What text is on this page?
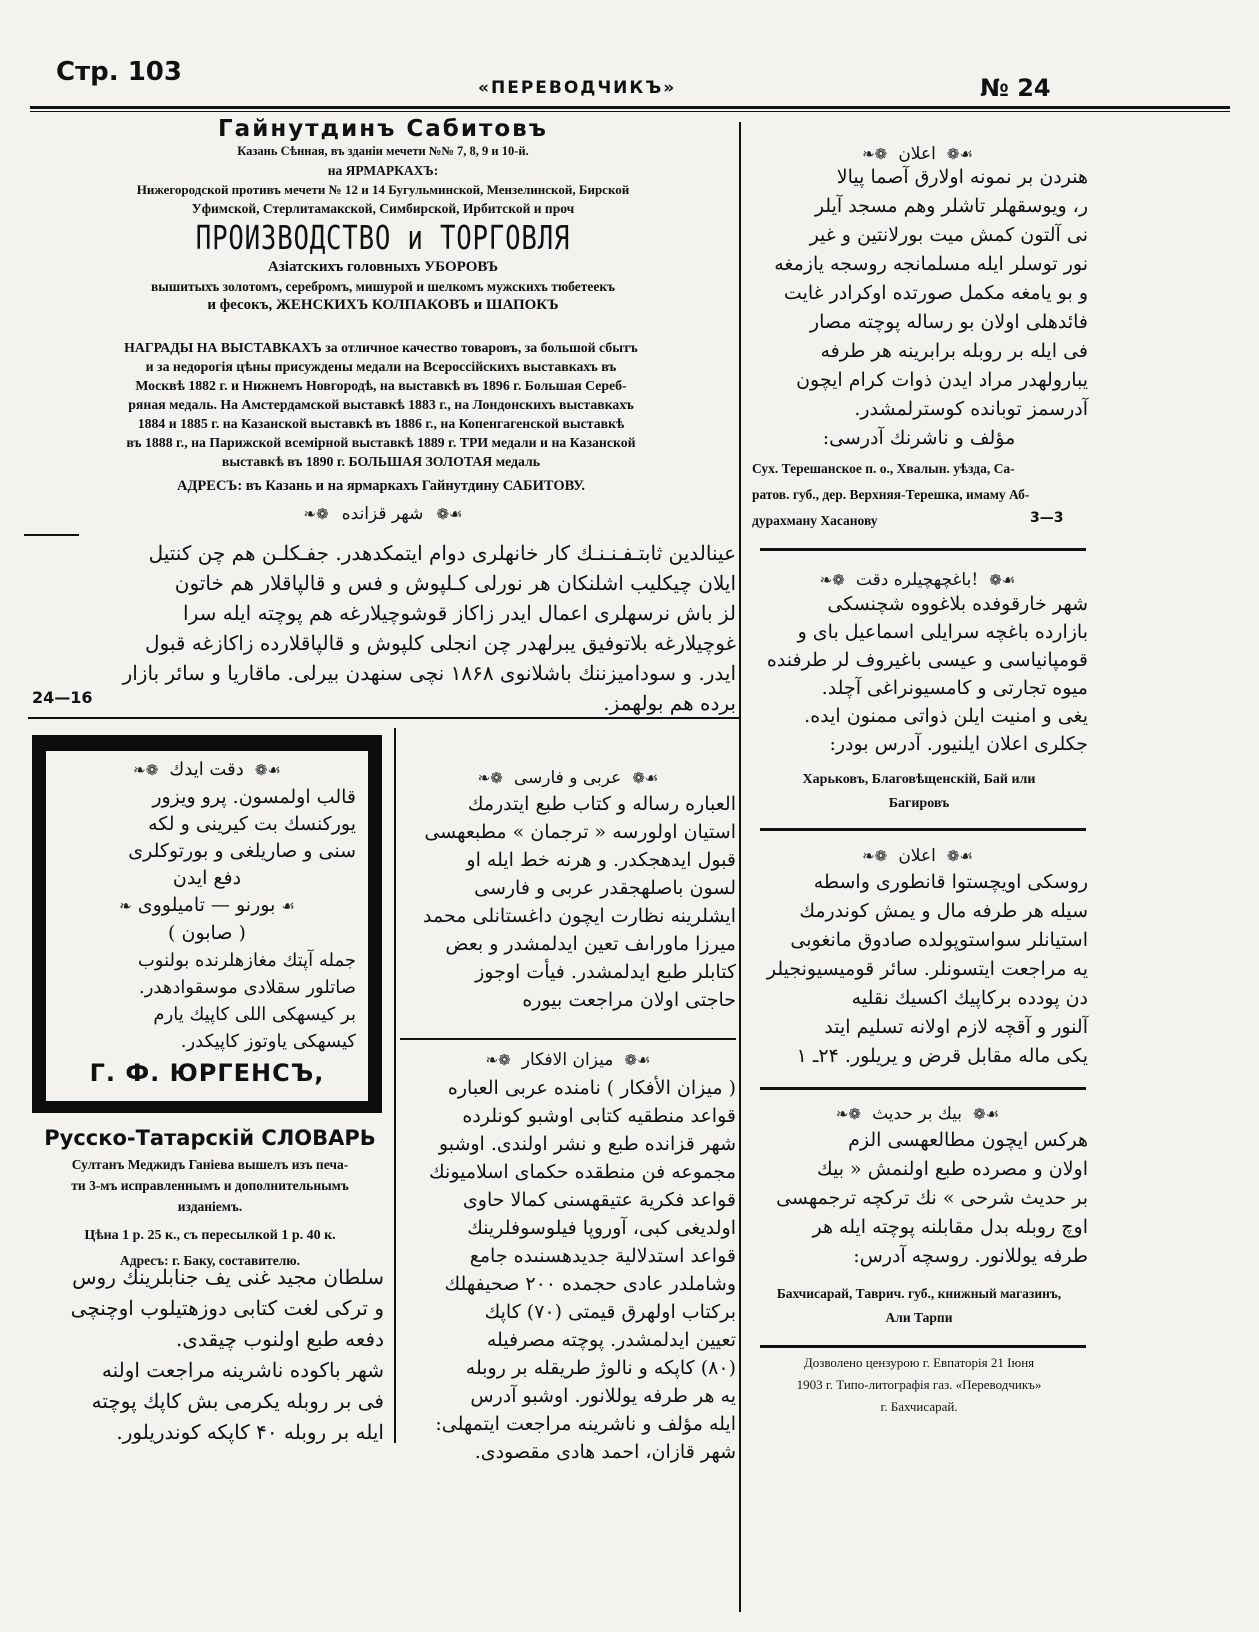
Стр. 103
«ПЕРЕВОДЧИКЪ»	№ 24
Гайнутдинъ Сабитовъ
Казань Сѣнная, въ зданіи мечети №№ 7, 8, 9 и 10-й.
на ЯРМАРКАХЪ:
Нижегородской противъ мечети № 12 и 14 Бугульминской, Мензелинской, Бирской
Уфимской, Стерлитамакской, Симбирской, Ирбитской и проч
ПРОИЗВОДСТВО и ТОРГОВЛЯ
Азіатскихъ головныхъ УБОРОВЪ
вышитыхъ золотомъ, серебромъ, мишурой и шелкомъ мужскихъ тюбетеекъ
и фесокъ, ЖЕНСКИХЪ КОЛПАКОВЪ и ШАПОКЪ
НАГРАДЫ НА ВЫСТАВКАХЪ за отличное качество товаровъ, за большой сбытъ
и за недорогія цѣны присуждены медали на Всероссійскихъ выставкахъ въ
Москвѣ 1882 г. и Нижнемъ Новгородѣ, на выставкѣ въ 1896 г. Большая Сереб-
ряная медаль. На Амстердамской выставкѣ 1883 г., на Лондонскихъ выставкахъ
1884 и 1885 г. на Казанской выставкѣ въ 1886 г., на Копенгагенской выставкѣ
въ 1888 г., на Парижской всемірной выставкѣ 1889 г. ТРИ медали и на Казанской
выставкѣ въ 1890 г. БОЛЬШАЯ ЗОЛОТАЯ медаль
АДРЕСЪ: въ Казань и на ярмаркахъ Гайнутдину САБИТОВУ.
❧❁ شهر قزانده ❁☙
عينالدين ثابتـفـنـنـك كار خانهلرى دوام ايتمكدهدر. جفـكلـن هم چن كنتيل
ايلان چيكليب اشلنكان هر نورلى كـلپوش و فس و قالپاقلار هم خاتون
لز باش نرسهلرى اعمال ايدر زاكاز قوشوچيلارغه هم پوچته ايله سرا
غوچيلارغه بلاتوفيق يبرلهدر چن انجلى كلپوش و قالپاقلارده زاكازغه قبول
ايدر. و سوداميزننك باشلانوى ۱۸۶۸ نچى سنهدن بيرلى. ماقاريا و سائر بازار
برده هم بولهمز.
24—16
❧❁ اعلان ❁☙
هنردن بر نمونه اولارق آصما پيالا
ر، ويوسقهلر تاشلر وهم مسجد آيلر
نى آلتون كمش ميت بورلانتين و غير
نور توسلر ايله مسلمانجه روسجه يازمغه
و بو يامغه مكمل صورتده اوكرادر غايت
فائدهلى اولان بو رساله پوچته مصار
فى ايله بر روبله برابرينه هر طرفه
يبارولهدر مراد ايدن ذوات كرام ايچون
آدرسمز توبانده كوسترلمشدر.
مؤلف و ناشرنك آدرسى:
Сух. Терешанское п. о., Хвалын. уѣзда, Са-
ратов. губ., дер. Верхняя-Терешка, имаму Аб-
дурахману Хасанову	3—3
❧❁ باغچهچيلره دقت! ❁☙
شهر خارقوفده بلاغووه شچنسكى
بازارده باغچه سرايلى اسماعيل باى و
قومپانياسى و عيسى باغيروف لر طرفنده
ميوه تجارتى و كامسيونراغى آچلد.
يغى و امنيت ايلن ذواتى ممنون ايده.
جكلرى اعلان ايلنيور. آدرس بودر:
Харьковъ, Благовѣщенскій, Бай или
Багировъ
❧❁ اعلان ❁☙
روسكى اويچستوا قانطورى واسطه
سيله هر طرفه مال و يمش كوندرمك
استيانلر سواستوپولده صادوق مانغوبى
يه مراجعت ايتسونلر. سائر قوميسيونجيلر
دن پودده بركاپيك اكسيك نقليه
آلنور و آقچه لازم اولانه تسليم ايتد
يكى ماله مقابل قرض و يريلور. ۲۴ـ ۱
❧❁ بيك بر حديث ❁☙
هركس ايچون مطالعهسى الزم
اولان و مصرده طبع اولنمش « بيك
بر حديث شرحى » نك تركچه ترجمهسى
اوچ روبله بدل مقابلنه پوچته ايله هر
طرفه يوللانور. روسچه آدرس:
Бахчисарай, Таврич. губ., книжный магазинъ,
Али Тарпи
Дозволено цензурою г. Евпаторія 21 Іюня
1903 г. Типо-литографія газ. «Переводчикъ»
г. Бахчисарай.
❧❁ دقت ايدك ❁☙
قالب اولمسون. پرو ويزور
يوركنسك بت كيرينى و لكه
سنى و صاريلغى و بورتوكلرى
دفع ايدن
❧ بورنو — تاميلووى ☙
( صابون )
جمله آپتك مغازهلرنده بولنوب
صاتلور سقلادى موسقوادهدر.
بر كيسهكى اللى كاپيك يارم
كيسهكى ياوتوز كاپيكدر.
Г. Ф. ЮРГЕНСЪ,
Русско-Татарскій СЛОВАРЬ
Султанъ Меджидъ Ганіева вышелъ изъ печа-
ти 3-мъ исправленнымъ и дополнительнымъ
изданіемъ.
Цѣна 1 р. 25 к., съ пересылкой 1 р. 40 к.
Адресъ: г. Баку, составителю.
سلطان مجيد غنى يف جنابلرينك روس
و تركى لغت كتابى دوزهتيلوب اوچنچى
دفعه طبع اولنوب چيقدى.
شهر باكوده ناشرينه مراجعت اولنه
فى بر روبله يكرمى بش كاپك پوچته
ايله بر روبله ۴۰ كاپكه كوندريلور.
❧❁ عربى و فارسى ❁☙
العباره رساله و كتاب طبع ايتدرمك
استيان اولورسه « ترجمان » مطبعهسى
قبول ايدهجكدر. و هرنه خط ايله او
لسون باصلهجقدر عربى و فارسى
ايشلرينه نظارت ايچون داغستانلى محمد
ميرزا ماوراىف تعين ايدلمشدر و بعض
كتابلر طبع ايدلمشدر. فيأت اوجوز
حاجتى اولان مراجعت بيوره
❧❁ ميزان الافكار ❁☙
( ميزان الأفكار ) نامنده عربى العباره
قواعد منطقيه كتابى اوشبو كونلرده
شهر قزانده طبع و نشر اولندى. اوشبو
مجموعه فن منطقده حكماى اسلاميونك
قواعد فكرية عتيقهسنى كمالا حاوى
اولديغى كبى، آوروپا فيلوسوفلرينك
قواعد استدلالية جديدهسنىده جامع
وشاملدر عادى حجمده ۲۰۰ صحيفهلك
بركتاب اولهرق قيمتى (۷۰) كاپك
تعيين ايدلمشدر. پوچته مصرفيله
(۸۰) كاپكه و نالوژ طريقله بر روبله
يه هر طرفه يوللانور. اوشبو آدرس
ايله مؤلف و ناشرينه مراجعت ايتمهلى:
شهر قازان، احمد هادى مقصودى.
